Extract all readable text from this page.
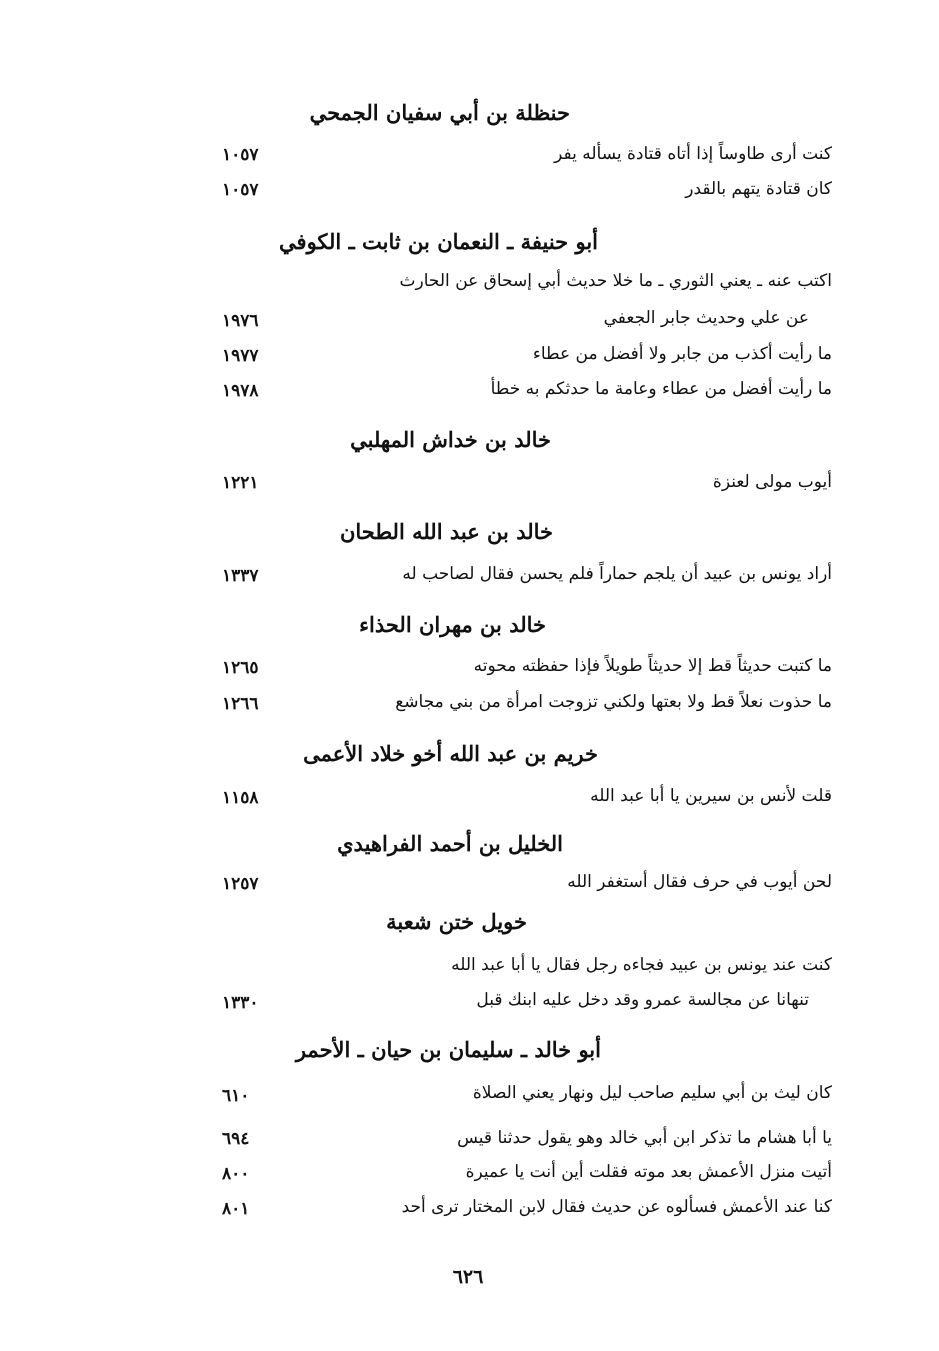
حنظلة بن أبي سفيان الجمحي
كنت أرى طاوساً إذا أتاه قتادة يسأله يفر
١٠٥٧
كان قتادة يتهم بالقدر
١٠٥٧
أبو حنيفة ـ النعمان بن ثابت ـ الكوفي
اكتب عنه ـ يعني الثوري ـ ما خلا حديث أبي إسحاق عن الحارث
عن علي وحديث جابر الجعفي
١٩٧٦
ما رأيت أكذب من جابر ولا أفضل من عطاء
١٩٧٧
ما رأيت أفضل من عطاء وعامة ما حدثكم به خطأ
١٩٧٨
خالد بن خداش المهلبي
أيوب مولى لعنزة
١٢٢١
خالد بن عبد الله الطحان
أراد يونس بن عبيد أن يلجم حماراً فلم يحسن فقال لصاحب له
١٣٣٧
خالد بن مهران الحذاء
ما كتبت حديثاً قط إلا حديثاً طويلاً فإذا حفظته محوته
١٢٦٥
ما حذوت نعلاً قط ولا بعتها ولكني تزوجت امرأة من بني مجاشع
١٢٦٦
خريم بن عبد الله أخو خلاد الأعمى
قلت لأنس بن سيرين يا أبا عبد الله
١١٥٨
الخليل بن أحمد الفراهيدي
لحن أيوب في حرف فقال أستغفر الله
١٢٥٧
خويل ختن شعبة
كنت عند يونس بن عبيد فجاءه رجل فقال يا أبا عبد الله
تنهانا عن مجالسة عمرو وقد دخل عليه ابنك قبل
١٣٣٠
أبو خالد ـ سليمان بن حيان ـ الأحمر
كان ليث بن أبي سليم صاحب ليل ونهار يعني الصلاة
٦١٠
يا أبا هشام ما تذكر ابن أبي خالد وهو يقول حدثنا قيس
٦٩٤
أتيت منزل الأعمش بعد موته فقلت أين أنت يا عميرة
٨٠٠
كنا عند الأعمش فسألوه عن حديث فقال لابن المختار ترى أحد
٨٠١
٦٢٦
